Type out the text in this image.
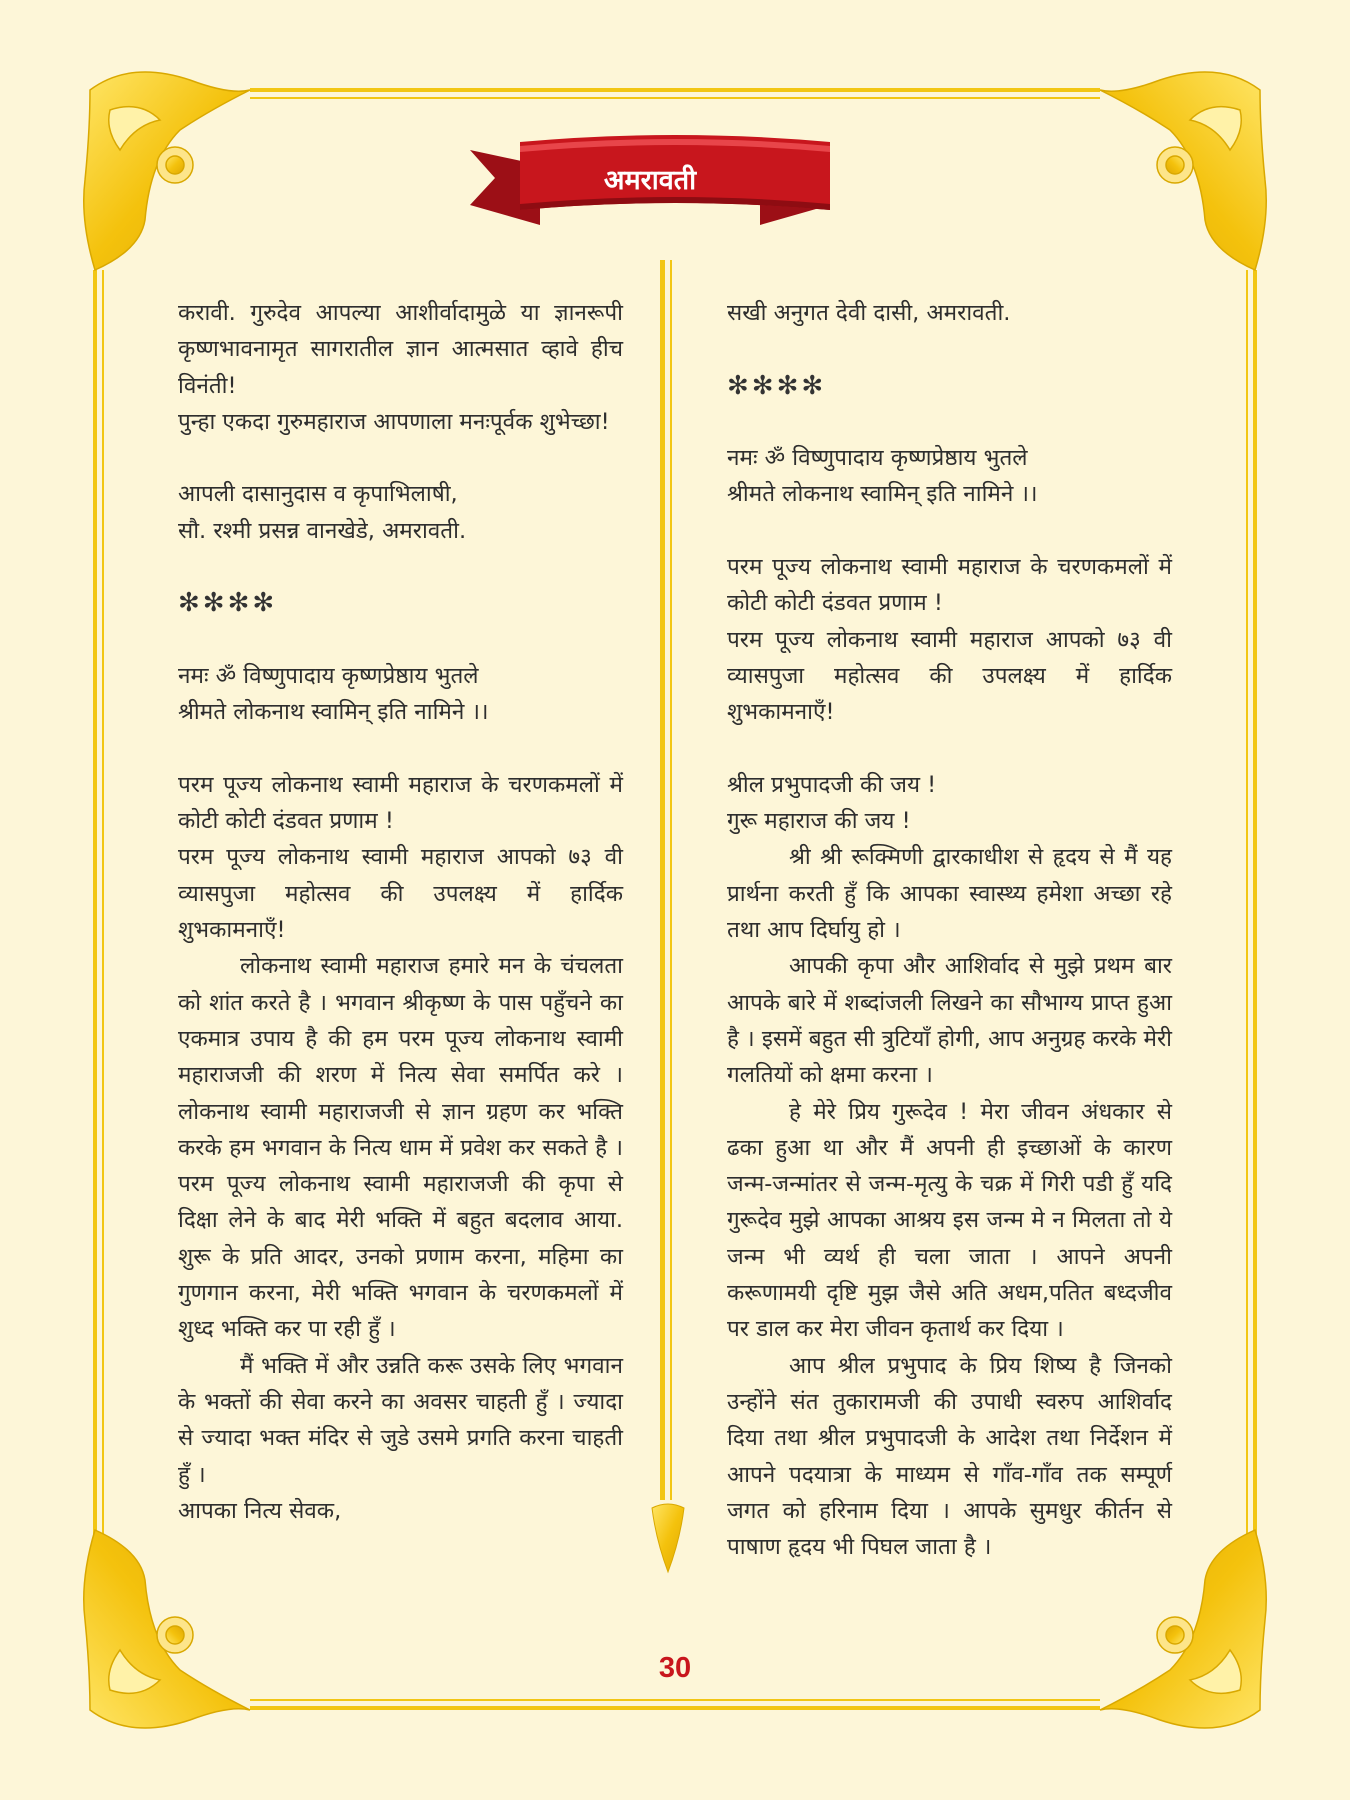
अमरावती

करावी. गुरुदेव आपल्या आशीर्वादामुळे या ज्ञानरूपी कृष्णभावनामृत सागरातील ज्ञान आत्मसात व्हावे हीच विनंती!

पुन्हा एकदा गुरुमहाराज आपणाला मनःपूर्वक शुभेच्छा!

आपली दासानुदास व कृपाभिलाषी,

सौ. रश्मी प्रसन्न वानखेडे, अमरावती.

✻✻✻✻

नमः ॐ विष्णुपादाय कृष्णप्रेष्ठाय भुतले

श्रीमते लोकनाथ स्वामिन् इति नामिने ।।

परम पूज्य लोकनाथ स्वामी महाराज के चरणकमलों में कोटी कोटी दंडवत प्रणाम !

परम पूज्य लोकनाथ स्वामी महाराज आपको ७३ वी व्यासपुजा महोत्सव की उपलक्ष्य में हार्दिक शुभकामनाएँ!

लोकनाथ स्वामी महाराज हमारे मन के चंचलता को शांत करते है । भगवान श्रीकृष्ण के पास पहुँचने का एकमात्र उपाय है की हम परम पूज्य लोकनाथ स्वामी महाराजजी की शरण में नित्य सेवा समर्पित करे । लोकनाथ स्वामी महाराजजी से ज्ञान ग्रहण कर भक्ति करके हम भगवान के नित्य धाम में प्रवेश कर सकते है । परम पूज्य लोकनाथ स्वामी महाराजजी की कृपा से दिक्षा लेने के बाद मेरी भक्ति में बहुत बदलाव आया. शुरू के प्रति आदर, उनको प्रणाम करना, महिमा का गुणगान करना, मेरी भक्ति भगवान के चरणकमलों में शुध्द भक्ति कर पा रही हुँ ।

मैं भक्ति में और उन्नति करू उसके लिए भगवान के भक्तों की सेवा करने का अवसर चाहती हुँ । ज्यादा से ज्यादा भक्त मंदिर से जुडे उसमे प्रगति करना चाहती हुँ ।

आपका नित्य सेवक,

सखी अनुगत देवी दासी, अमरावती.

✻✻✻✻

नमः ॐ विष्णुपादाय कृष्णप्रेष्ठाय भुतले

श्रीमते लोकनाथ स्वामिन् इति नामिने ।।

परम पूज्य लोकनाथ स्वामी महाराज के चरणकमलों में कोटी कोटी दंडवत प्रणाम !

परम पूज्य लोकनाथ स्वामी महाराज आपको ७३ वी व्यासपुजा महोत्सव की उपलक्ष्य में हार्दिक शुभकामनाएँ!

श्रील प्रभुपादजी की जय !

गुरू महाराज की जय !

श्री श्री रूक्मिणी द्वारकाधीश से हृदय से मैं यह प्रार्थना करती हुँ कि आपका स्वास्थ्य हमेशा अच्छा रहे तथा आप दिर्घायु हो ।

आपकी कृपा और आशिर्वाद से मुझे प्रथम बार आपके बारे में शब्दांजली लिखने का सौभाग्य प्राप्त हुआ है । इसमें बहुत सी त्रुटियाँ होगी, आप अनुग्रह करके मेरी गलतियों को क्षमा करना ।

हे मेरे प्रिय गुरूदेव ! मेरा जीवन अंधकार से ढका हुआ था और मैं अपनी ही इच्छाओं के कारण जन्म-जन्मांतर से जन्म-मृत्यु के चक्र में गिरी पडी हुँ यदि गुरूदेव मुझे आपका आश्रय इस जन्म मे न मिलता तो ये जन्म भी व्यर्थ ही चला जाता । आपने अपनी करूणामयी दृष्टि मुझ जैसे अति अधम,पतित बध्दजीव पर डाल कर मेरा जीवन कृतार्थ कर दिया ।

आप श्रील प्रभुपाद के प्रिय शिष्य है जिनको उन्होंने संत तुकारामजी की उपाधी स्वरुप आशिर्वाद दिया तथा श्रील प्रभुपादजी के आदेश तथा निर्देशन में आपने पदयात्रा के माध्यम से गाँव-गाँव तक सम्पूर्ण जगत को हरिनाम दिया । आपके सुमधुर कीर्तन से पाषाण हृदय भी पिघल जाता है ।

30
